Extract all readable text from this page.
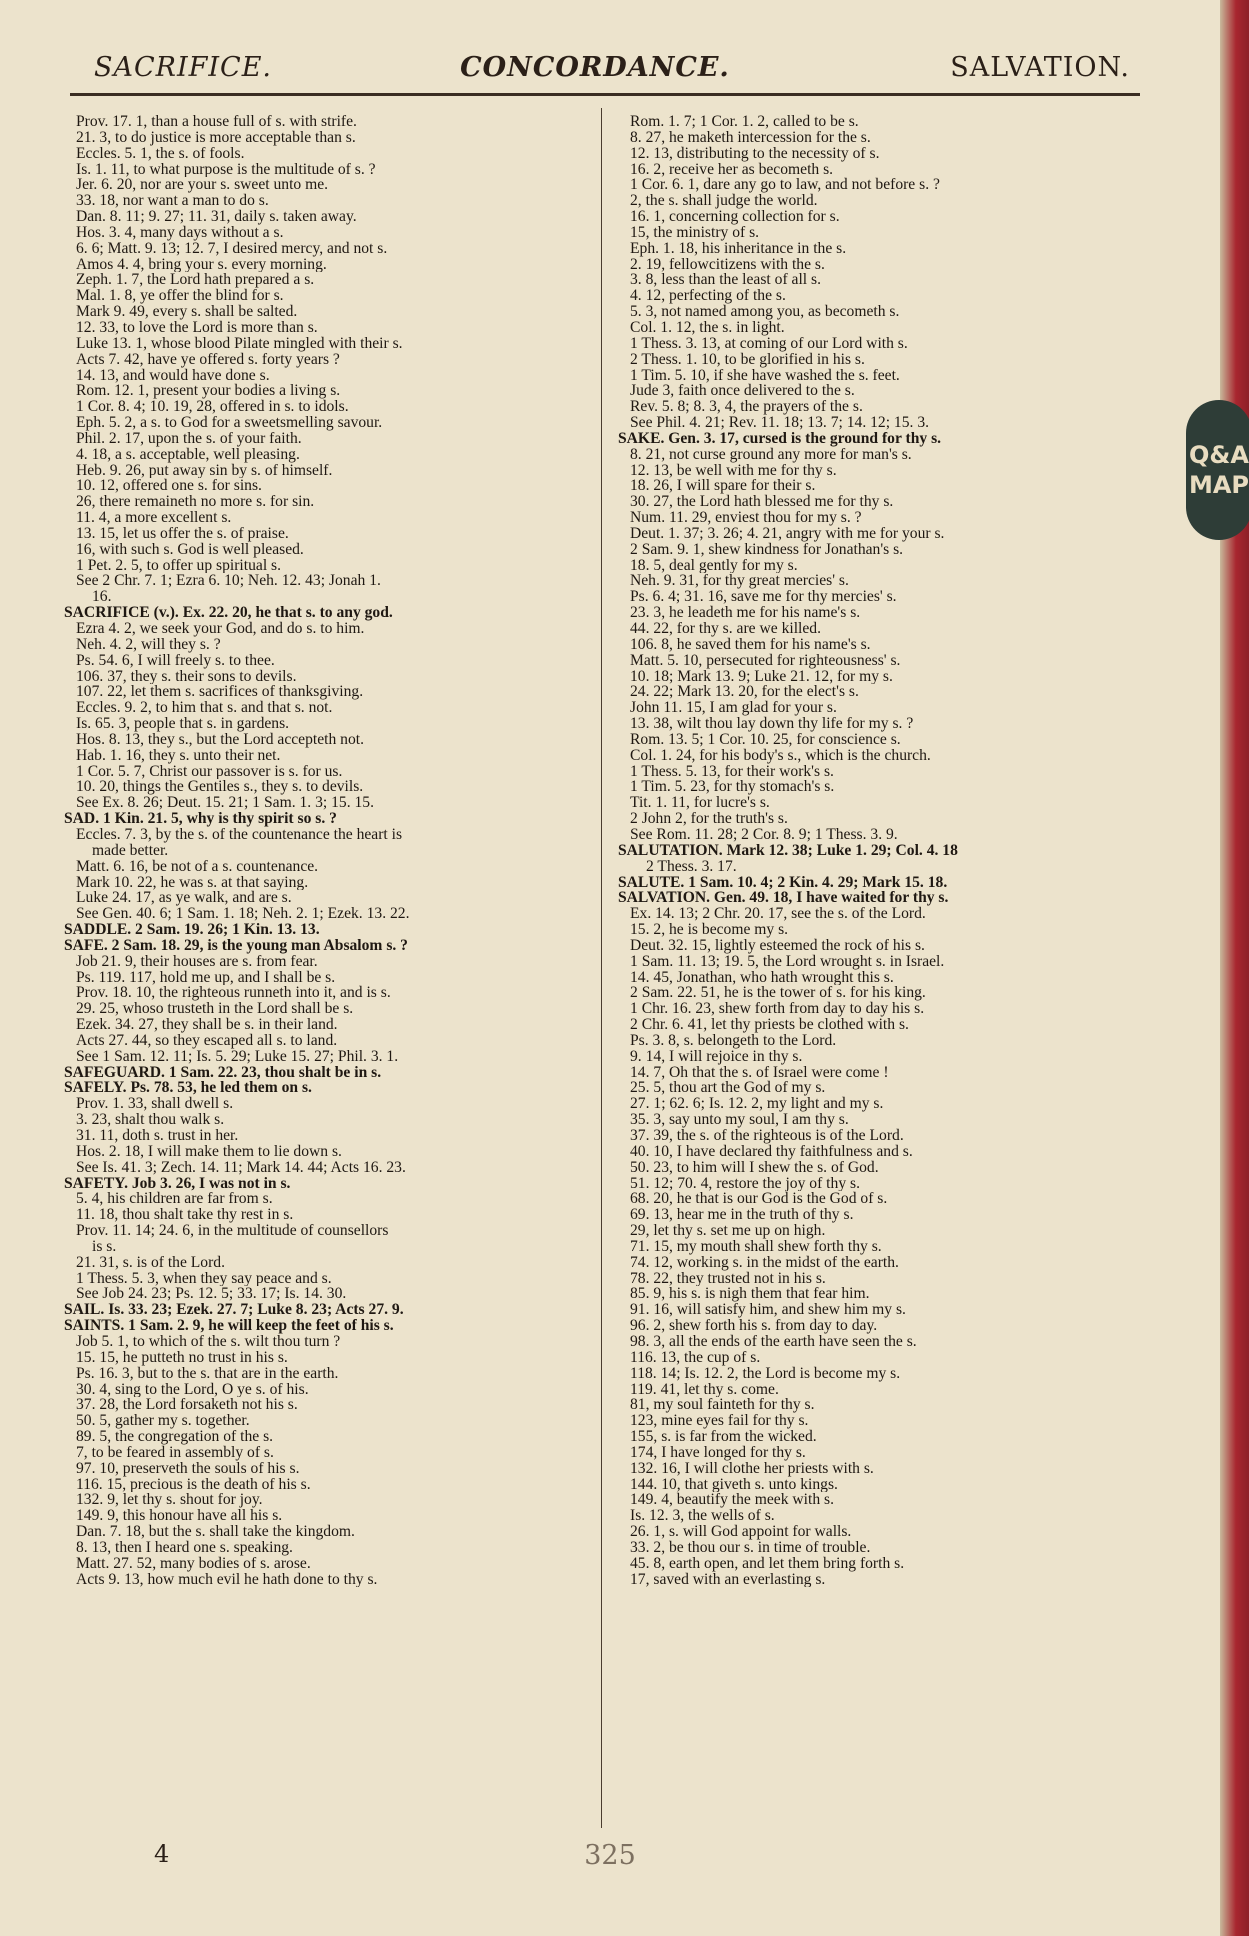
SACRIFICE.	CONCORDANCE.	SALVATION.
Prov. 17. 1, than a house full of s. with strife.
21. 3, to do justice is more acceptable than s.
Eccles. 5. 1, the s. of fools.
Is. 1. 11, to what purpose is the multitude of s. ?
Jer. 6. 20, nor are your s. sweet unto me.
33. 18, nor want a man to do s.
Dan. 8. 11; 9. 27; 11. 31, daily s. taken away.
Hos. 3. 4, many days without a s.
6. 6; Matt. 9. 13; 12. 7, I desired mercy, and not s.
Amos 4. 4, bring your s. every morning.
Zeph. 1. 7, the Lord hath prepared a s.
Mal. 1. 8, ye offer the blind for s.
Mark 9. 49, every s. shall be salted.
12. 33, to love the Lord is more than s.
Luke 13. 1, whose blood Pilate mingled with their s.
Acts 7. 42, have ye offered s. forty years ?
14. 13, and would have done s.
Rom. 12. 1, present your bodies a living s.
1 Cor. 8. 4; 10. 19, 28, offered in s. to idols.
Eph. 5. 2, a s. to God for a sweetsmelling savour.
Phil. 2. 17, upon the s. of your faith.
4. 18, a s. acceptable, well pleasing.
Heb. 9. 26, put away sin by s. of himself.
10. 12, offered one s. for sins.
26, there remaineth no more s. for sin.
11. 4, a more excellent s.
13. 15, let us offer the s. of praise.
16, with such s. God is well pleased.
1 Pet. 2. 5, to offer up spiritual s.
See 2 Chr. 7. 1; Ezra 6. 10; Neh. 12. 43; Jonah 1.
16.
SACRIFICE (v.). Ex. 22. 20, he that s. to any god.
Ezra 4. 2, we seek your God, and do s. to him.
Neh. 4. 2, will they s. ?
Ps. 54. 6, I will freely s. to thee.
106. 37, they s. their sons to devils.
107. 22, let them s. sacrifices of thanksgiving.
Eccles. 9. 2, to him that s. and that s. not.
Is. 65. 3, people that s. in gardens.
Hos. 8. 13, they s., but the Lord accepteth not.
Hab. 1. 16, they s. unto their net.
1 Cor. 5. 7, Christ our passover is s. for us.
10. 20, things the Gentiles s., they s. to devils.
See Ex. 8. 26; Deut. 15. 21; 1 Sam. 1. 3; 15. 15.
SAD. 1 Kin. 21. 5, why is thy spirit so s. ?
Eccles. 7. 3, by the s. of the countenance the heart is
made better.
Matt. 6. 16, be not of a s. countenance.
Mark 10. 22, he was s. at that saying.
Luke 24. 17, as ye walk, and are s.
See Gen. 40. 6; 1 Sam. 1. 18; Neh. 2. 1; Ezek. 13. 22.
SADDLE. 2 Sam. 19. 26; 1 Kin. 13. 13.
SAFE. 2 Sam. 18. 29, is the young man Absalom s. ?
Job 21. 9, their houses are s. from fear.
Ps. 119. 117, hold me up, and I shall be s.
Prov. 18. 10, the righteous runneth into it, and is s.
29. 25, whoso trusteth in the Lord shall be s.
Ezek. 34. 27, they shall be s. in their land.
Acts 27. 44, so they escaped all s. to land.
See 1 Sam. 12. 11; Is. 5. 29; Luke 15. 27; Phil. 3. 1.
SAFEGUARD. 1 Sam. 22. 23, thou shalt be in s.
SAFELY. Ps. 78. 53, he led them on s.
Prov. 1. 33, shall dwell s.
3. 23, shalt thou walk s.
31. 11, doth s. trust in her.
Hos. 2. 18, I will make them to lie down s.
See Is. 41. 3; Zech. 14. 11; Mark 14. 44; Acts 16. 23.
SAFETY. Job 3. 26, I was not in s.
5. 4, his children are far from s.
11. 18, thou shalt take thy rest in s.
Prov. 11. 14; 24. 6, in the multitude of counsellors
is s.
21. 31, s. is of the Lord.
1 Thess. 5. 3, when they say peace and s.
See Job 24. 23; Ps. 12. 5; 33. 17; Is. 14. 30.
SAIL. Is. 33. 23; Ezek. 27. 7; Luke 8. 23; Acts 27. 9.
SAINTS. 1 Sam. 2. 9, he will keep the feet of his s.
Job 5. 1, to which of the s. wilt thou turn ?
15. 15, he putteth no trust in his s.
Ps. 16. 3, but to the s. that are in the earth.
30. 4, sing to the Lord, O ye s. of his.
37. 28, the Lord forsaketh not his s.
50. 5, gather my s. together.
89. 5, the congregation of the s.
7, to be feared in assembly of s.
97. 10, preserveth the souls of his s.
116. 15, precious is the death of his s.
132. 9, let thy s. shout for joy.
149. 9, this honour have all his s.
Dan. 7. 18, but the s. shall take the kingdom.
8. 13, then I heard one s. speaking.
Matt. 27. 52, many bodies of s. arose.
Acts 9. 13, how much evil he hath done to thy s.
Rom. 1. 7; 1 Cor. 1. 2, called to be s.
8. 27, he maketh intercession for the s.
12. 13, distributing to the necessity of s.
16. 2, receive her as becometh s.
1 Cor. 6. 1, dare any go to law, and not before s. ?
2, the s. shall judge the world.
16. 1, concerning collection for s.
15, the ministry of s.
Eph. 1. 18, his inheritance in the s.
2. 19, fellowcitizens with the s.
3. 8, less than the least of all s.
4. 12, perfecting of the s.
5. 3, not named among you, as becometh s.
Col. 1. 12, the s. in light.
1 Thess. 3. 13, at coming of our Lord with s.
2 Thess. 1. 10, to be glorified in his s.
1 Tim. 5. 10, if she have washed the s. feet.
Jude 3, faith once delivered to the s.
Rev. 5. 8; 8. 3, 4, the prayers of the s.
See Phil. 4. 21; Rev. 11. 18; 13. 7; 14. 12; 15. 3.
SAKE. Gen. 3. 17, cursed is the ground for thy s.
8. 21, not curse ground any more for man's s.
12. 13, be well with me for thy s.
18. 26, I will spare for their s.
30. 27, the Lord hath blessed me for thy s.
Num. 11. 29, enviest thou for my s. ?
Deut. 1. 37; 3. 26; 4. 21, angry with me for your s.
2 Sam. 9. 1, shew kindness for Jonathan's s.
18. 5, deal gently for my s.
Neh. 9. 31, for thy great mercies' s.
Ps. 6. 4; 31. 16, save me for thy mercies' s.
23. 3, he leadeth me for his name's s.
44. 22, for thy s. are we killed.
106. 8, he saved them for his name's s.
Matt. 5. 10, persecuted for righteousness' s.
10. 18; Mark 13. 9; Luke 21. 12, for my s.
24. 22; Mark 13. 20, for the elect's s.
John 11. 15, I am glad for your s.
13. 38, wilt thou lay down thy life for my s. ?
Rom. 13. 5; 1 Cor. 10. 25, for conscience s.
Col. 1. 24, for his body's s., which is the church.
1 Thess. 5. 13, for their work's s.
1 Tim. 5. 23, for thy stomach's s.
Tit. 1. 11, for lucre's s.
2 John 2, for the truth's s.
See Rom. 11. 28; 2 Cor. 8. 9; 1 Thess. 3. 9.
SALUTATION. Mark 12. 38; Luke 1. 29; Col. 4. 18
2 Thess. 3. 17.
SALUTE. 1 Sam. 10. 4; 2 Kin. 4. 29; Mark 15. 18.
SALVATION. Gen. 49. 18, I have waited for thy s.
Ex. 14. 13; 2 Chr. 20. 17, see the s. of the Lord.
15. 2, he is become my s.
Deut. 32. 15, lightly esteemed the rock of his s.
1 Sam. 11. 13; 19. 5, the Lord wrought s. in Israel.
14. 45, Jonathan, who hath wrought this s.
2 Sam. 22. 51, he is the tower of s. for his king.
1 Chr. 16. 23, shew forth from day to day his s.
2 Chr. 6. 41, let thy priests be clothed with s.
Ps. 3. 8, s. belongeth to the Lord.
9. 14, I will rejoice in thy s.
14. 7, Oh that the s. of Israel were come !
25. 5, thou art the God of my s.
27. 1; 62. 6; Is. 12. 2, my light and my s.
35. 3, say unto my soul, I am thy s.
37. 39, the s. of the righteous is of the Lord.
40. 10, I have declared thy faithfulness and s.
50. 23, to him will I shew the s. of God.
51. 12; 70. 4, restore the joy of thy s.
68. 20, he that is our God is the God of s.
69. 13, hear me in the truth of thy s.
29, let thy s. set me up on high.
71. 15, my mouth shall shew forth thy s.
74. 12, working s. in the midst of the earth.
78. 22, they trusted not in his s.
85. 9, his s. is nigh them that fear him.
91. 16, will satisfy him, and shew him my s.
96. 2, shew forth his s. from day to day.
98. 3, all the ends of the earth have seen the s.
116. 13, the cup of s.
118. 14; Is. 12. 2, the Lord is become my s.
119. 41, let thy s. come.
81, my soul fainteth for thy s.
123, mine eyes fail for thy s.
155, s. is far from the wicked.
174, I have longed for thy s.
132. 16, I will clothe her priests with s.
144. 10, that giveth s. unto kings.
149. 4, beautify the meek with s.
Is. 12. 3, the wells of s.
26. 1, s. will God appoint for walls.
33. 2, be thou our s. in time of trouble.
45. 8, earth open, and let them bring forth s.
17, saved with an everlasting s.
4	325
Q&A
MAP
